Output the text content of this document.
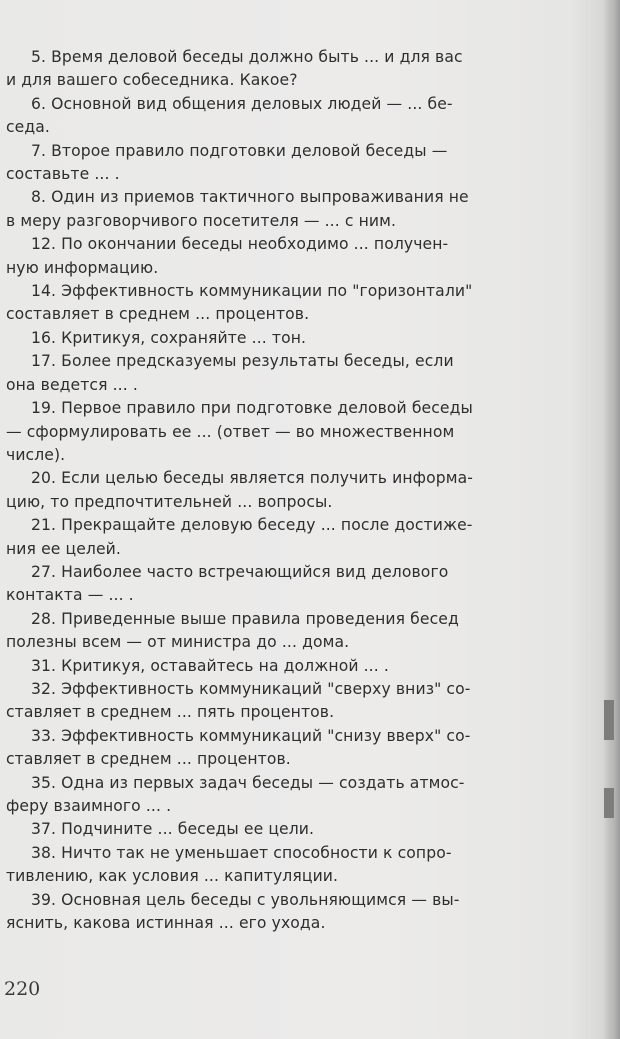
5. Время деловой беседы должно быть ... и для вас
и для вашего собеседника. Какое?

6. Основной вид общения деловых людей — ... бе-
седа.

7. Второе правило подготовки деловой беседы —
составьте ... .

8. Один из приемов тактичного выпроваживания не
в меру разговорчивого посетителя — ... с ним.

12. По окончании беседы необходимо ... получен-
ную информацию.

14. Эффективность коммуникации по "горизонтали"
составляет в среднем ... процентов.

16. Критикуя, сохраняйте ... тон.

17. Более предсказуемы результаты беседы, если
она ведется ... .

19. Первое правило при подготовке деловой беседы
— сформулировать ее ... (ответ — во множественном
числе).

20. Если целью беседы является получить информа-
цию, то предпочтительней ... вопросы.

21. Прекращайте деловую беседу ... после достиже-
ния ее целей.

27. Наиболее часто встречающийся вид делового
контакта — ... .

28. Приведенные выше правила проведения бесед
полезны всем — от министра до ... дома.

31. Критикуя, оставайтесь на должной ... .

32. Эффективность коммуникаций "сверху вниз" со-
ставляет в среднем ... пять процентов.

33. Эффективность коммуникаций "снизу вверх" со-
ставляет в среднем ... процентов.

35. Одна из первых задач беседы — создать атмос-
феру взаимного ... .

37. Подчините ... беседы ее цели.

38. Ничто так не уменьшает способности к сопро-
тивлению, как условия ... капитуляции.

39. Основная цель беседы с увольняющимся — вы-
яснить, какова истинная ... его ухода.

220
